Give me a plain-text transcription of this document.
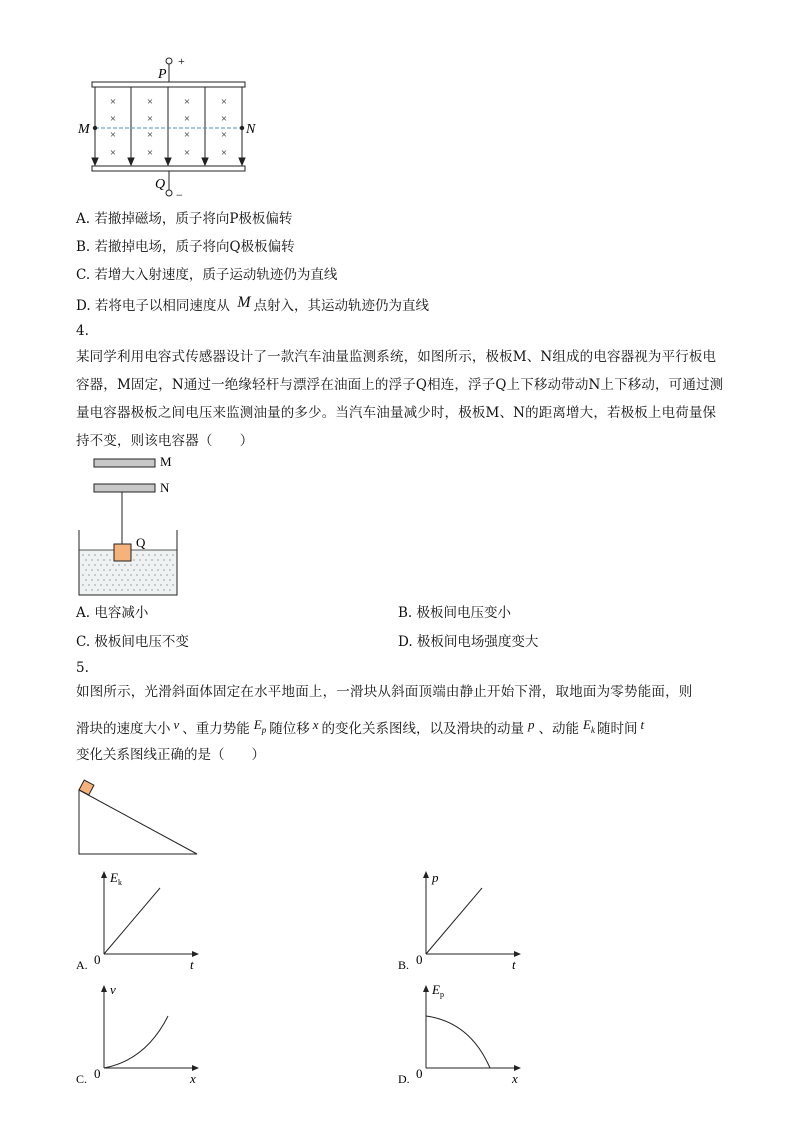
×
×
×
×
×
×
×
×
×
×
×
×
×
×
×
×
P
+
Q
−
M	N
A. 若撤掉磁场，质子将向P极板偏转
B. 若撤掉电场，质子将向Q极板偏转
C. 若增大入射速度，质子运动轨迹仍为直线
D. 若将电子以相同速度从 M 点射入，其运动轨迹仍为直线
4.
某同学利用电容式传感器设计了一款汽车油量监测系统，如图所示，极板M、N组成的电容器视为平行板电容器，M固定，N通过一绝缘轻杆与漂浮在油面上的浮子Q相连，浮子Q上下移动带动N上下移动，可通过测量电容器极板之间电压来监测油量的多少。当汽车油量减少时，极板M、N的距离增大，若极板上电荷量保持不变，则该电容器（　　）
M
N
Q
A. 电容减小	B. 极板间电压变小
C. 极板间电压不变	D. 极板间电场强度变大
5.
如图所示，光滑斜面体固定在水平地面上，一滑块从斜面顶端由静止开始下滑，取地面为零势能面，则
滑块的速度大小 v 、重力势能 Ep 随位移 x 的变化关系图线，以及滑块的动量 p 、动能 Ek 随时间 t
变化关系图线正确的是（　　）
E k
t
0
A.
p
t
0
B.
v
x
0
C.
E p
x
0
D.
